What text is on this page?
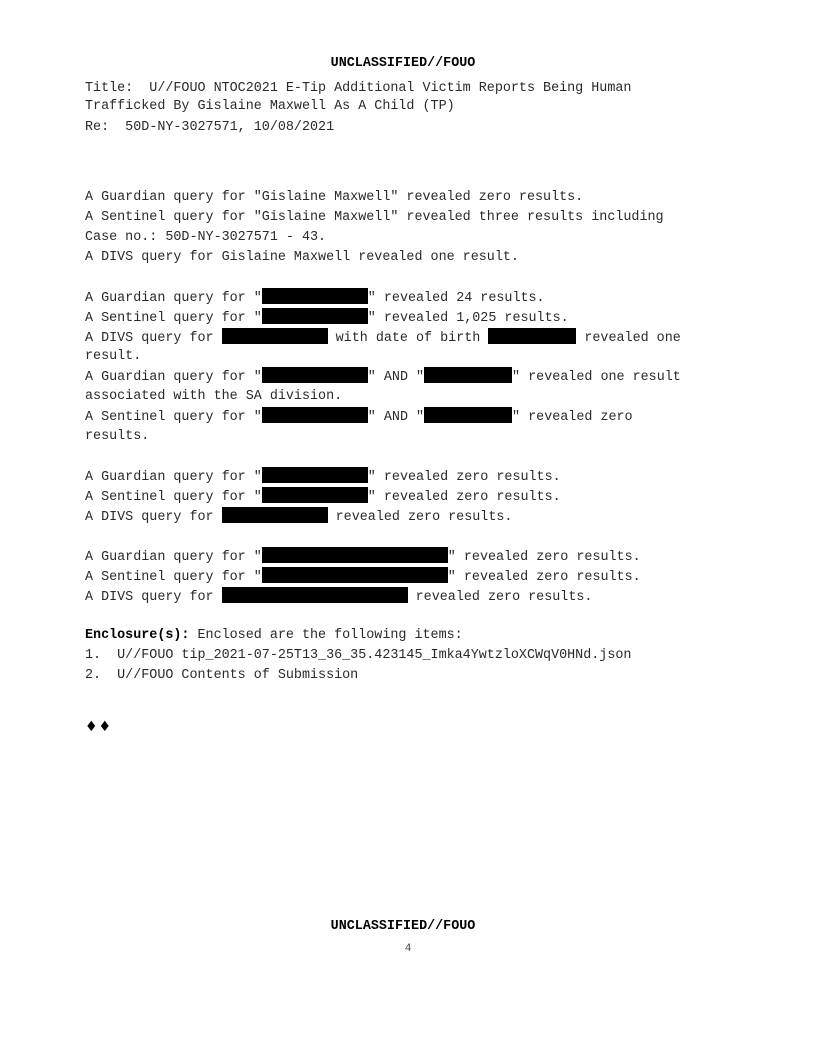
UNCLASSIFIED//FOUO
Title:  U//FOUO NTOC2021 E-Tip Additional Victim Reports Being Human
Trafficked By Gislaine Maxwell As A Child (TP)
Re:  50D-NY-3027571, 10/08/2021
A Guardian query for "Gislaine Maxwell" revealed zero results.
A Sentinel query for "Gislaine Maxwell" revealed three results including
Case no.: 50D-NY-3027571 - 43.
A DIVS query for Gislaine Maxwell revealed one result.
A Guardian query for "	" revealed 24 results.
A Sentinel query for "	" revealed 1,025 results.
A DIVS query for	with date of birth	revealed one
result.
A Guardian query for "	" AND "	" revealed one result
associated with the SA division.
A Sentinel query for "	" AND "	" revealed zero
results.
A Guardian query for "	" revealed zero results.
A Sentinel query for "	" revealed zero results.
A DIVS query for	revealed zero results.
A Guardian query for "	" revealed zero results.
A Sentinel query for "	" revealed zero results.
A DIVS query for	revealed zero results.
Enclosure(s): Enclosed are the following items:
1.  U//FOUO tip_2021-07-25T13_36_35.423145_Imka4YwtzloXCWqV0HNd.json
2.  U//FOUO Contents of Submission
♦♦
UNCLASSIFIED//FOUO
4
